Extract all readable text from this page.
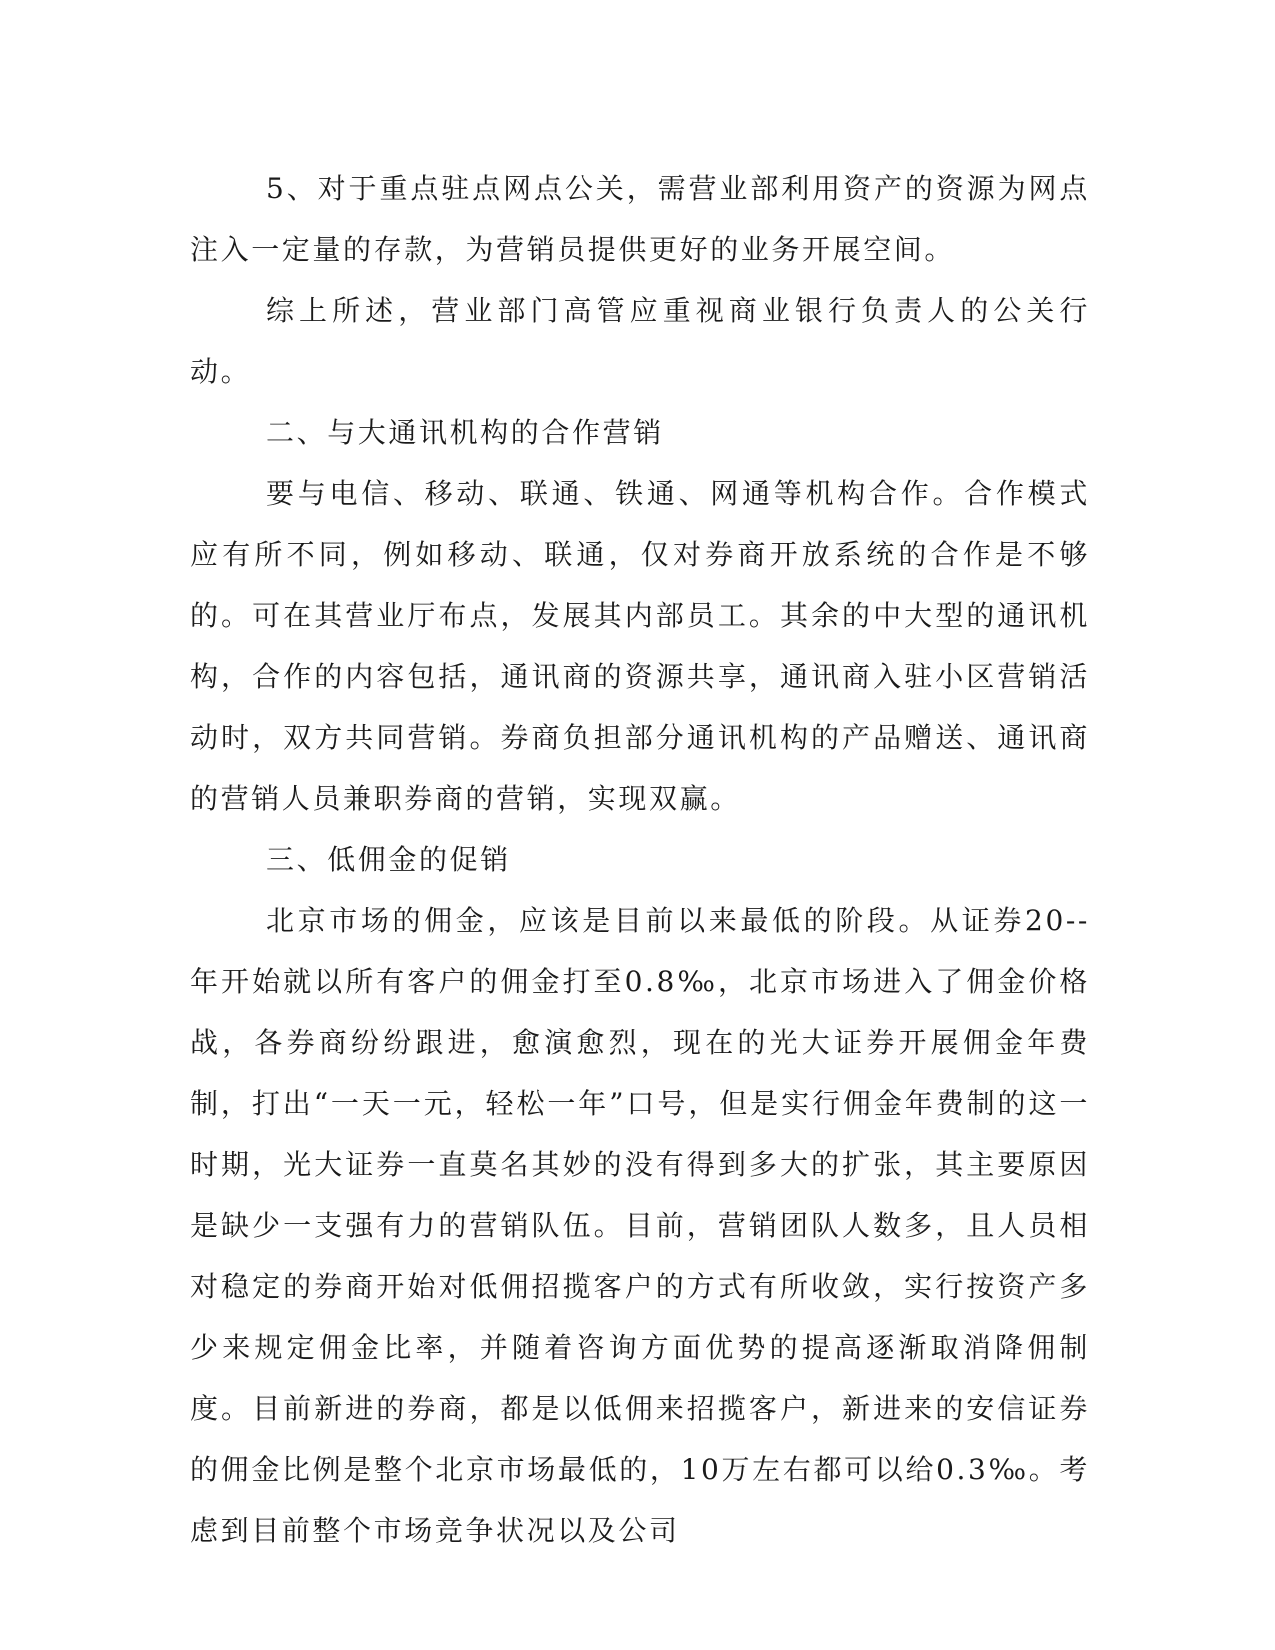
5、对于重点驻点网点公关，需营业部利用资产的资源为网点注入一定量的存款，为营销员提供更好的业务开展空间。

综上所述，营业部门高管应重视商业银行负责人的公关行动。

二、与大通讯机构的合作营销

要与电信、移动、联通、铁通、网通等机构合作。合作模式应有所不同，例如移动、联通，仅对券商开放系统的合作是不够的。可在其营业厅布点，发展其内部员工。其余的中大型的通讯机构，合作的内容包括，通讯商的资源共享，通讯商入驻小区营销活动时，双方共同营销。券商负担部分通讯机构的产品赠送、通讯商的营销人员兼职券商的营销，实现双赢。

三、低佣金的促销

北京市场的佣金，应该是目前以来最低的阶段。从证券20--年开始就以所有客户的佣金打至0.8‰，北京市场进入了佣金价格战，各券商纷纷跟进，愈演愈烈，现在的光大证券开展佣金年费制，打出“一天一元，轻松一年”口号，但是实行佣金年费制的这一时期，光大证券一直莫名其妙的没有得到多大的扩张，其主要原因是缺少一支强有力的营销队伍。目前，营销团队人数多，且人员相对稳定的券商开始对低佣招揽客户的方式有所收敛，实行按资产多少来规定佣金比率，并随着咨询方面优势的提高逐渐取消降佣制度。目前新进的券商，都是以低佣来招揽客户，新进来的安信证券的佣金比例是整个北京市场最低的，10万左右都可以给0.3‰。考虑到目前整个市场竞争状况以及公司
